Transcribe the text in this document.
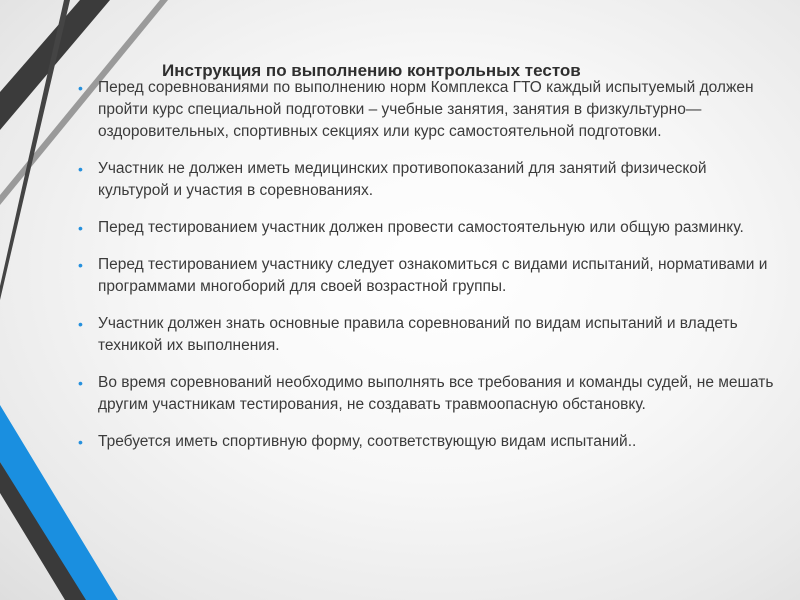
Инструкция по выполнению контрольных тестов
• Перед соревнованиями по выполнению норм Комплекса ГТО каждый испытуемый должен пройти курс специальной подготовки – учебные занятия, занятия в физкультурно—оздоровительных, спортивных секциях или курс самостоятельной подготовки.
• Участник не должен иметь медицинских противопоказаний для занятий физической культурой и участия в соревнованиях.
• Перед тестированием участник должен провести самостоятельную или общую разминку.
• Перед тестированием участнику следует ознакомиться с видами испытаний, нормативами и программами многоборий для своей возрастной группы.
• Участник должен знать основные правила соревнований по видам испытаний и владеть техникой их выполнения.
• Во время соревнований необходимо выполнять все требования и команды судей, не мешать другим участникам тестирования, не создавать травмоопасную обстановку.
• Требуется иметь спортивную форму, соответствующую видам испытаний..
